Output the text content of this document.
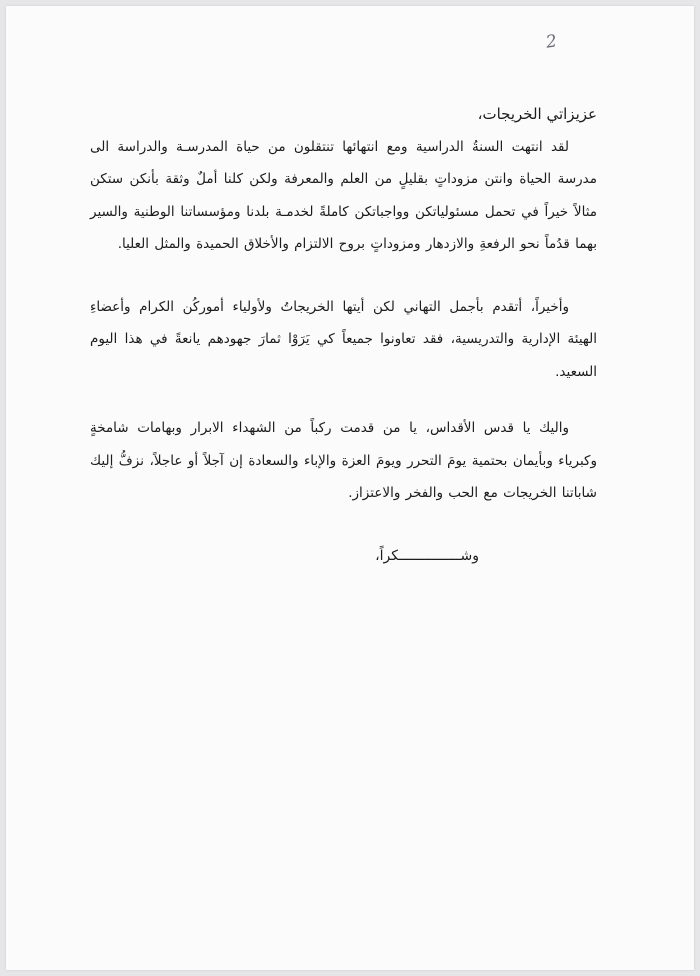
2

عزيزاتي الخريجات،

لقد انتهت السنةُ الدراسية ومع انتهائها تنتقلون من حياة المدرسـة والدراسة الى مدرسة الحياة وانتن مزوداتٍ بقليلٍ من العلم والمعرفة ولكن كلنا أملٌ وثقة بأنكن ستكن مثالاً خيراً في تحمل مسئولياتكن وواجباتكن كاملةً لخدمـة بلدنا ومؤسساتنا الوطنية والسير بهما قدُماً نحو الرفعةِ والازدهار ومزوداتٍ بروح الالتزام والأخلاق الحميدة والمثل العليا.

وأخيراً، أتقدم بأجمل التهاني لكن أيتها الخريجاتُ ولأولياء أموركُن الكرام وأعضاءِ الهيئة الإدارية والتدريسية، فقد تعاونوا جميعاً كي يَرَوْا ثمارَ جهودهم يانعةً في هذا اليوم السعيد.

واليك يا قدس الأقداس، يا من قدمت ركباً من الشهداء الابرار وبهامات شامخةٍ وكبرياء وبأيمان بحتمية يومَ التحرر ويومَ العزة والإباء والسعادة إن آجلاً أو عاجلاً، نزفُّ إليك شاباتنا الخريجات مع الحب والفخر والاعتزاز.

وشـــــــــــــــكراً،
